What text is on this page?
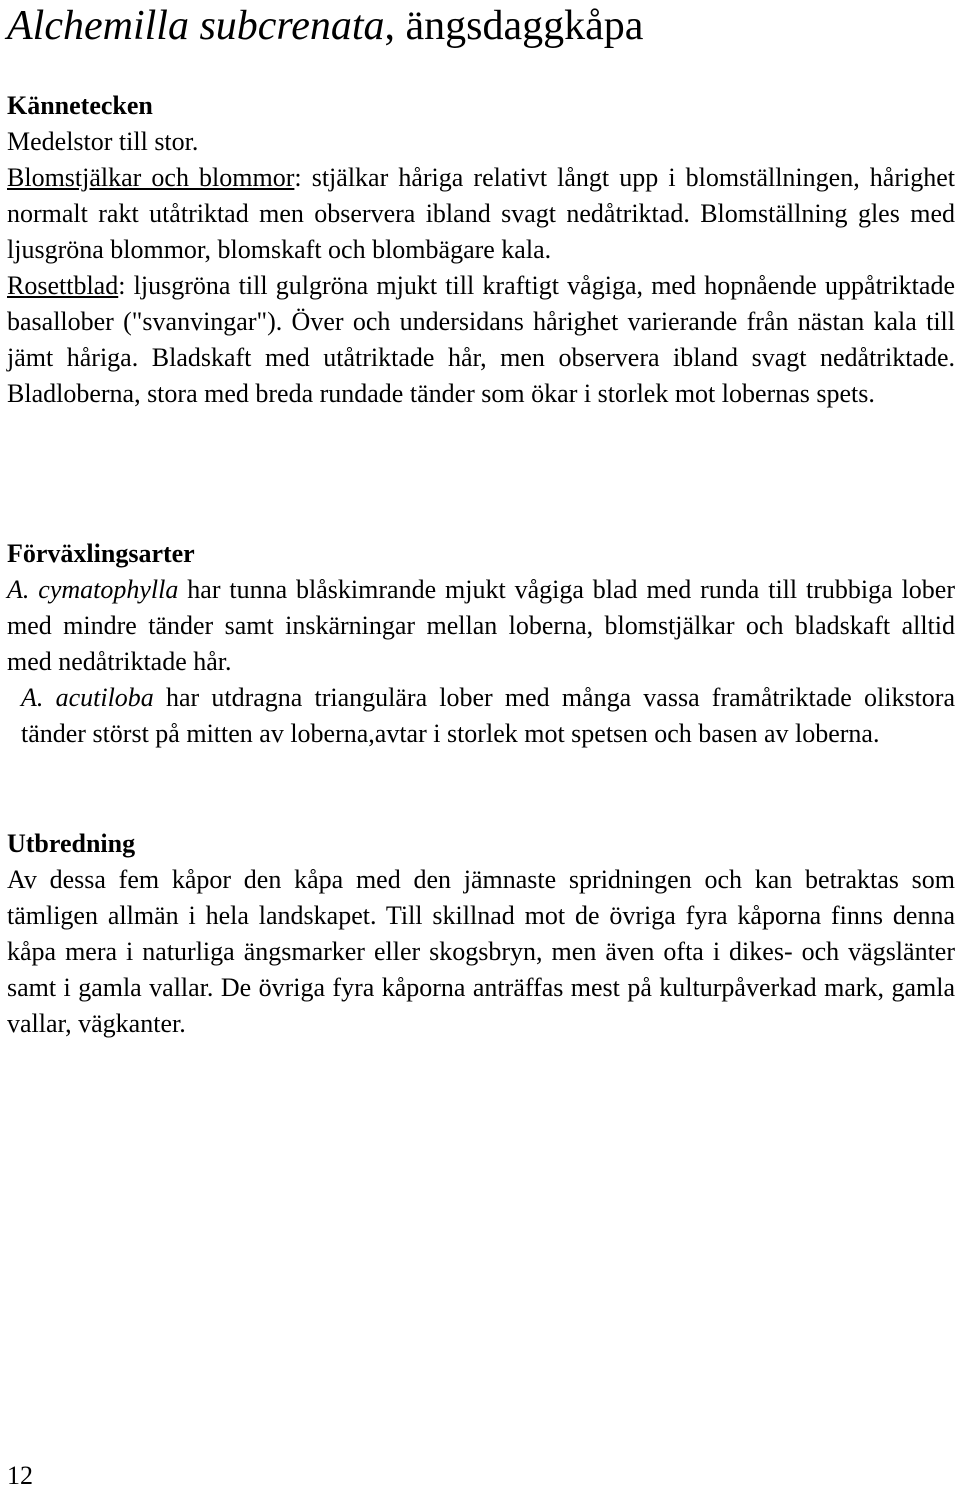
Alchemilla subcrenata, ängsdaggkåpa
Kännetecken

Medelstor till stor.

Blomstjälkar och blommor: stjälkar håriga relativt långt upp i blomställningen, hårighet normalt rakt utåtriktad men observera ibland svagt nedåtriktad. Blomställning gles med ljusgröna blommor, blomskaft och blombägare kala.

Rosettblad: ljusgröna till gulgröna mjukt till kraftigt vågiga, med hopnående uppåtriktade basallober ("svanvingar"). Över och undersidans hårighet varierande från nästan kala till jämt håriga. Bladskaft med utåtriktade hår, men observera ibland svagt nedåtriktade. Bladloberna, stora med breda rundade tänder som ökar i storlek mot lobernas spets.

Förväxlingsarter

A. cymatophylla har tunna blåskimrande mjukt vågiga blad med runda till trubbiga lober med mindre tänder samt inskärningar mellan loberna, blomstjälkar och bladskaft alltid med nedåtriktade hår.

A. acutiloba har utdragna triangulära lober med många vassa framåtriktade olikstora tänder störst på mitten av loberna,avtar i storlek mot spetsen och basen av loberna.

Utbredning

Av dessa fem kåpor den kåpa med den jämnaste spridningen och kan betraktas som tämligen allmän i hela landskapet. Till skillnad mot de övriga fyra kåporna finns denna kåpa mera i naturliga ängsmarker eller skogsbryn, men även ofta i dikes- och vägslänter samt i gamla vallar. De övriga fyra kåporna anträffas mest på kulturpåverkad mark, gamla vallar, vägkanter.

12
